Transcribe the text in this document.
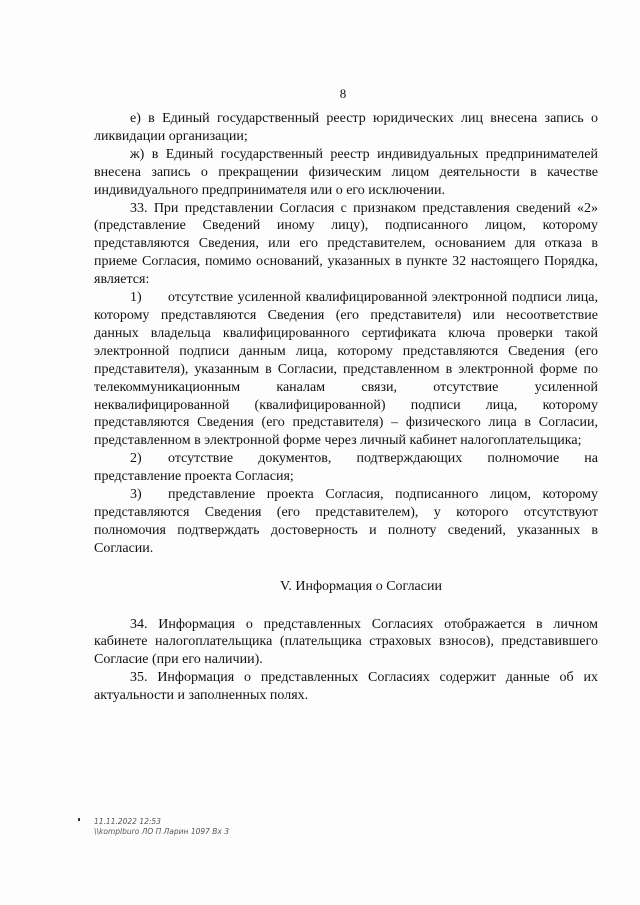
8

е) в Единый государственный реестр юридических лиц внесена запись о ликвидации организации;

ж) в Единый государственный реестр индивидуальных предпринимателей внесена запись о прекращении физическим лицом деятельности в качестве индивидуального предпринимателя или о его исключении.

33. При представлении Согласия с признаком представления сведений «2» (представление Сведений иному лицу), подписанного лицом, которому представляются Сведения, или его представителем, основанием для отказа в приеме Согласия, помимо оснований, указанных в пункте 32 настоящего Порядка, является:

1) отсутствие усиленной квалифицированной электронной подписи лица, которому представляются Сведения (его представителя) или несоответствие данных владельца квалифицированного сертификата ключа проверки такой электронной подписи данным лица, которому представляются Сведения (его представителя), указанным в Согласии, представленном в электронной форме по телекоммуникационным каналам связи, отсутствие усиленной неквалифицированной (квалифицированной) подписи лица, которому представляются Сведения (его представителя) – физического лица в Согласии, представленном в электронной форме через личный кабинет налогоплательщика;

2) отсутствие документов, подтверждающих полномочие на представление проекта Согласия;

3) представление проекта Согласия, подписанного лицом, которому представляются Сведения (его представителем), у которого отсутствуют полномочия подтверждать достоверность и полноту сведений, указанных в Согласии.

V. Информация о Согласии

34. Информация о представленных Согласиях отображается в личном кабинете налогоплательщика (плательщика страховых взносов), представившего Согласие (при его наличии).

35. Информация о представленных Согласиях содержит данные об их актуальности и заполненных полях.

11.11.2022 12:53
\\komplburo ЛО П Ларин 1097 Вх 3
